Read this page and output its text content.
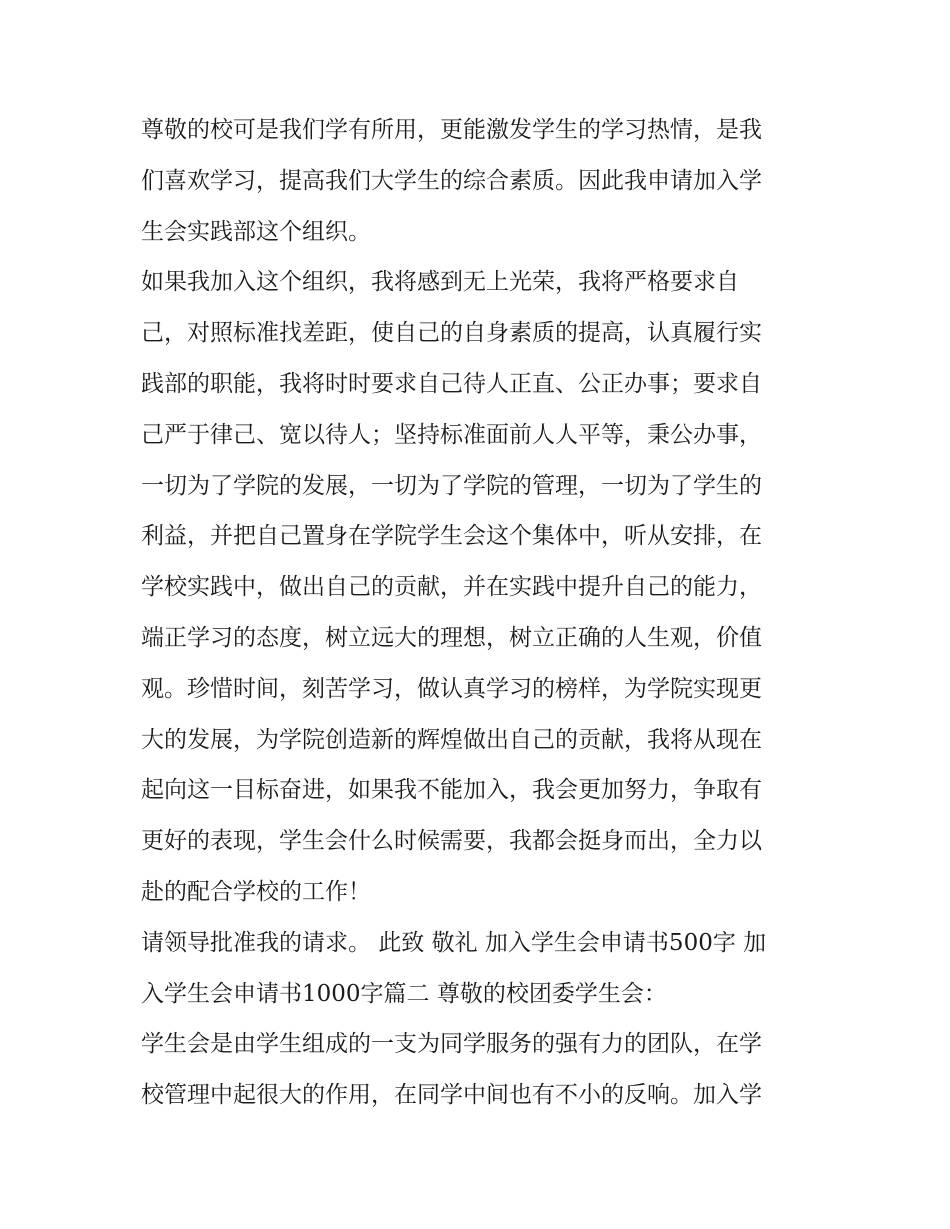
尊敬的校可是我们学有所用，更能激发学生的学习热情，是我
们喜欢学习，提高我们大学生的综合素质。因此我申请加入学
生会实践部这个组织。

如果我加入这个组织，我将感到无上光荣，我将严格要求自
己，对照标准找差距，使自己的自身素质的提高，认真履行实
践部的职能，我将时时要求自己待人正直、公正办事；要求自
己严于律己、宽以待人；坚持标准面前人人平等，秉公办事，
一切为了学院的发展，一切为了学院的管理，一切为了学生的
利益，并把自己置身在学院学生会这个集体中，听从安排，在
学校实践中，做出自己的贡献，并在实践中提升自己的能力，
端正学习的态度，树立远大的理想，树立正确的人生观，价值
观。珍惜时间，刻苦学习，做认真学习的榜样，为学院实现更
大的发展，为学院创造新的辉煌做出自己的贡献，我将从现在
起向这一目标奋进，如果我不能加入，我会更加努力，争取有
更好的表现，学生会什么时候需要，我都会挺身而出，全力以
赴的配合学校的工作！

请领导批准我的请求。 此致 敬礼 加入学生会申请书500字 加
入学生会申请书1000字篇二 尊敬的校团委学生会：

学生会是由学生组成的一支为同学服务的强有力的团队，在学
校管理中起很大的作用，在同学中间也有不小的反响。加入学
